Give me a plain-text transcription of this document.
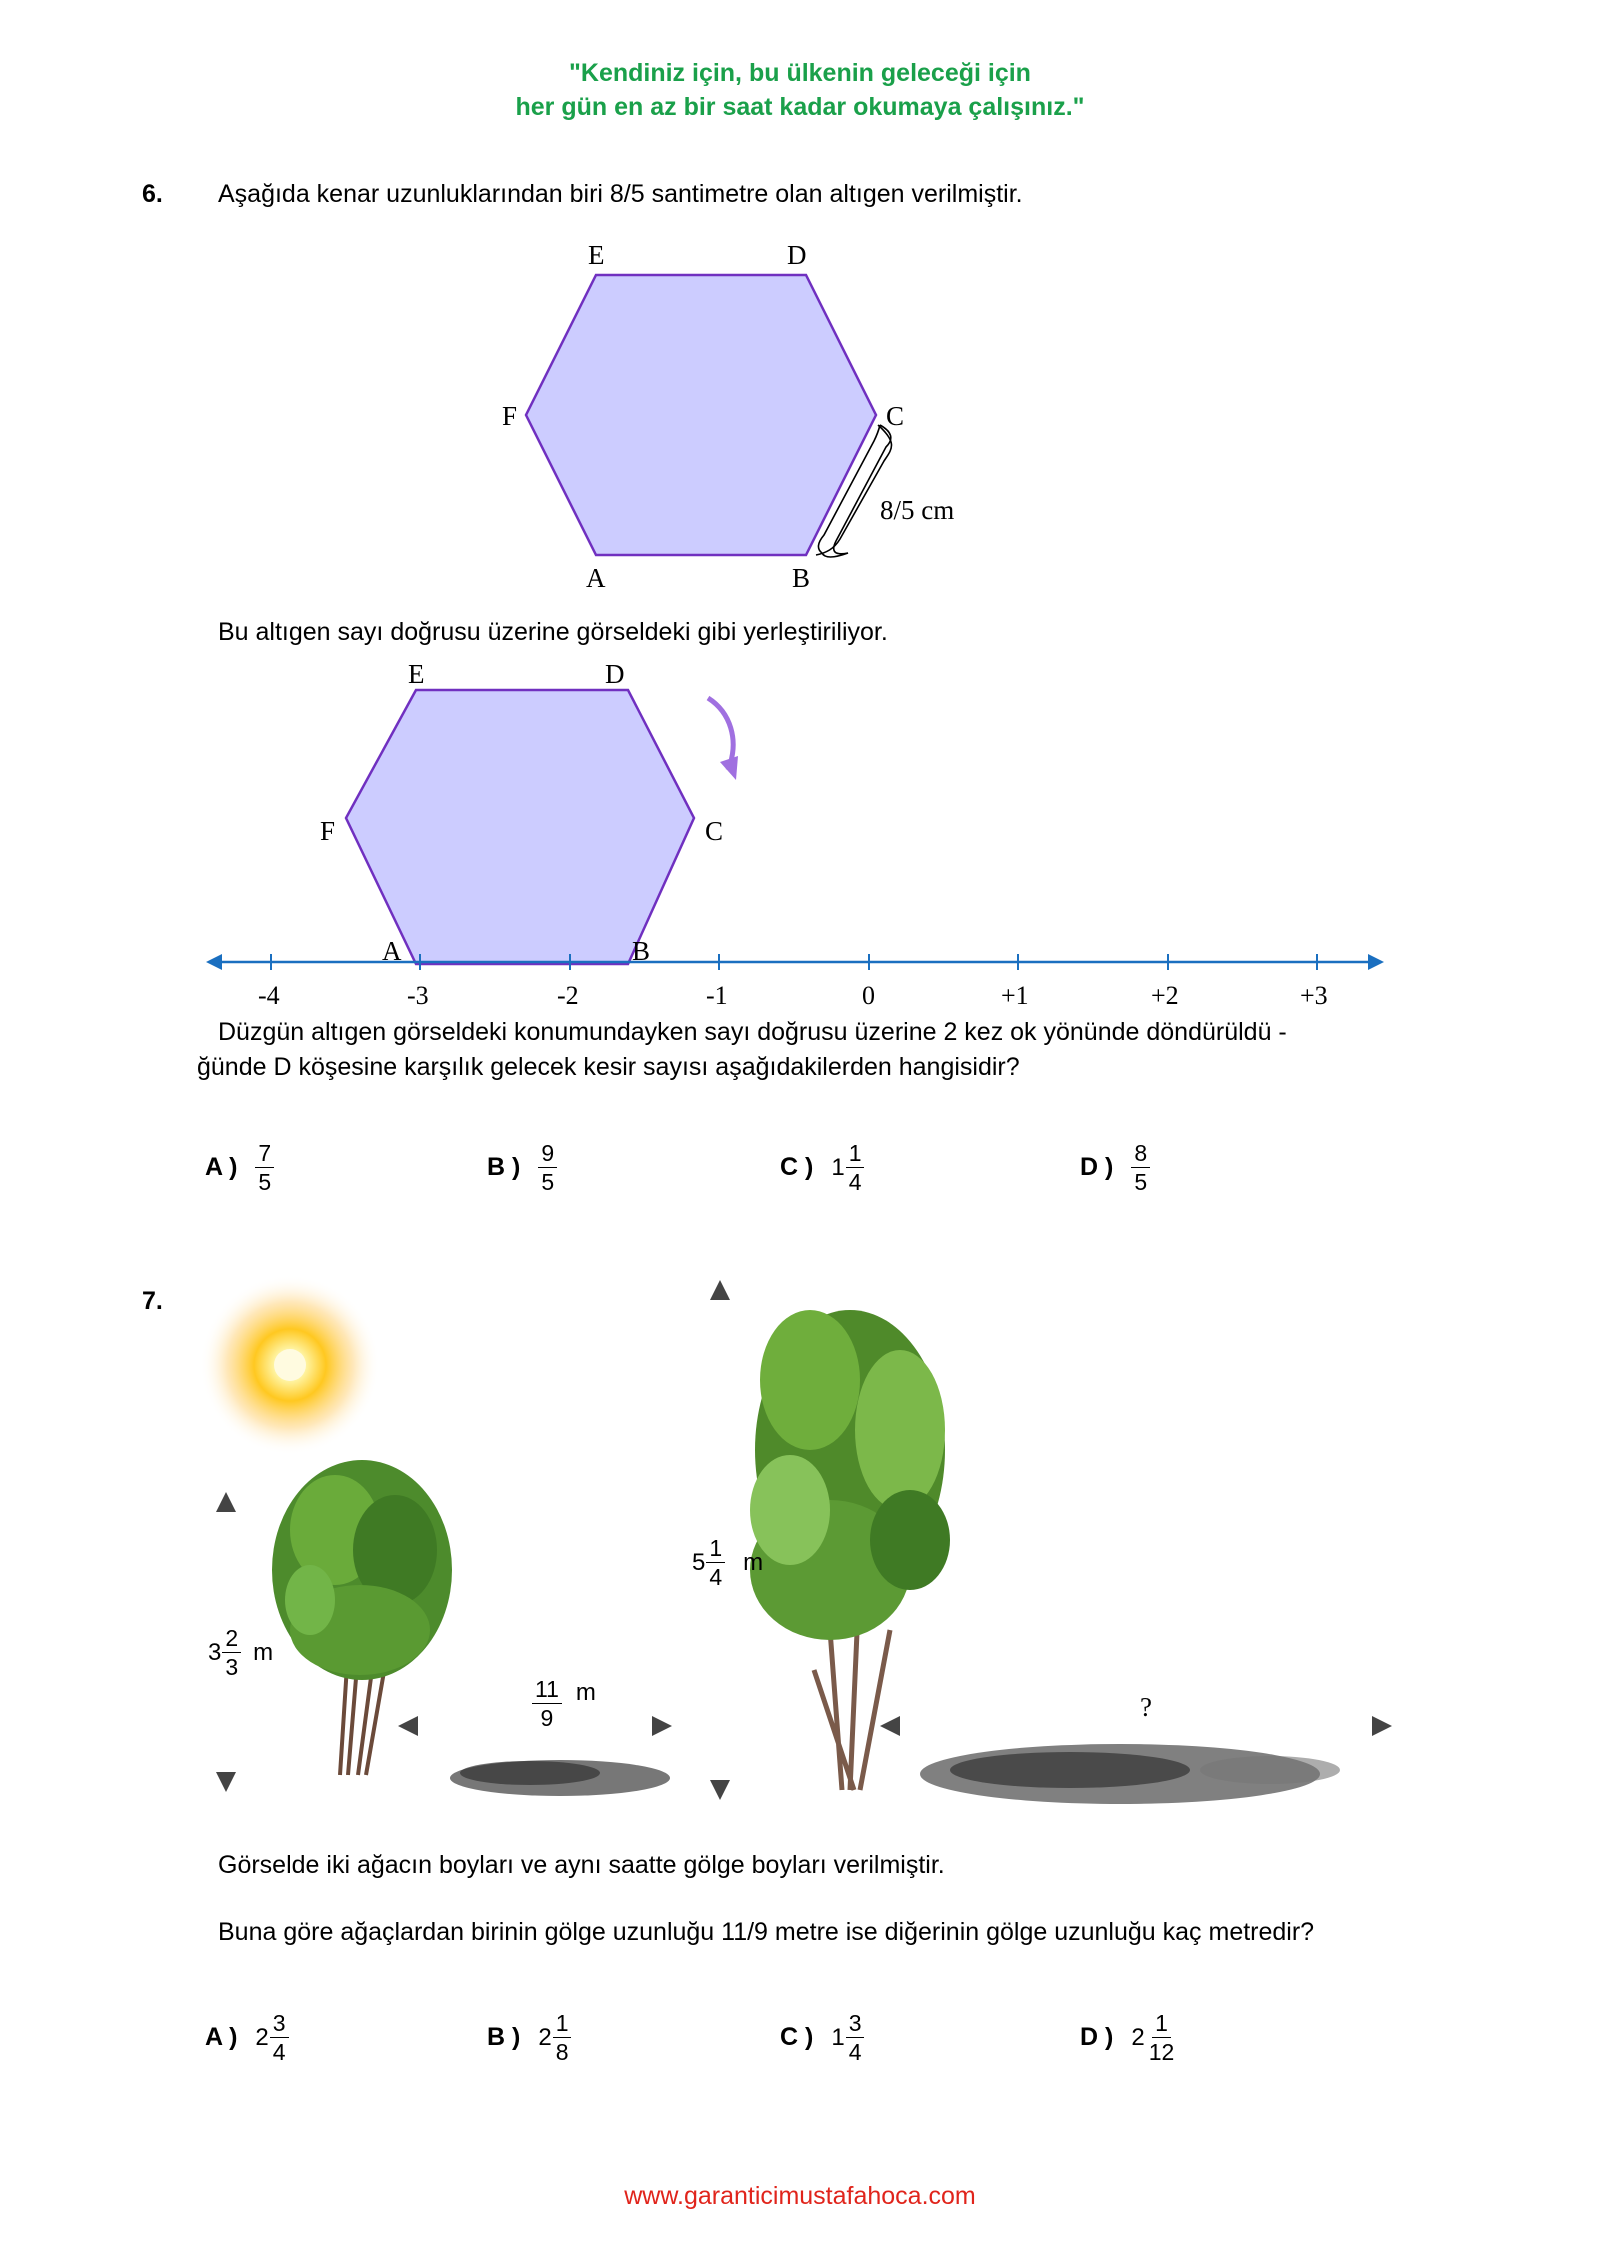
"Kendiniz için, bu ülkenin geleceği için
her gün en az bir saat kadar okumaya çalışınız."
6. Aşağıda kenar uzunluklarından biri 8/5 santimetre olan altıgen verilmiştir.
E	D
F	C
A	B
8/5 cm
Bu altıgen sayı doğrusu üzerine görseldeki gibi yerleştiriliyor.
-4	-3	-2	-1	0	+1	+2	+3
E	D
F	C
A	B
Düzgün altıgen görseldeki konumundayken sayı doğrusu üzerine 2 kez ok yönünde döndürüldü -
ğünde D köşesine karşılık gelecek kesir sayısı aşağıdakilerden hangisidir?
A ) $\frac{7}{5}$	B ) $\frac{9}{5}$	C ) $1 \frac{1}{4}$	D ) $\frac{8}{5}$
7.
?
$3 \frac{2}{3}$ m
$\frac{11}{9}$ m
$5 \frac{1}{4}$ m
Görselde iki ağacın boyları ve aynı saatte gölge boyları verilmiştir.
Buna göre ağaçlardan birinin gölge uzunluğu 11/9 metre ise diğerinin gölge uzunluğu kaç metredir?
A ) $2 \frac{3}{4}$	B ) $2 \frac{1}{8}$	C ) $1 \frac{3}{4}$	D ) $2 \frac{1}{12}$
www.garanticimustafahoca.com
